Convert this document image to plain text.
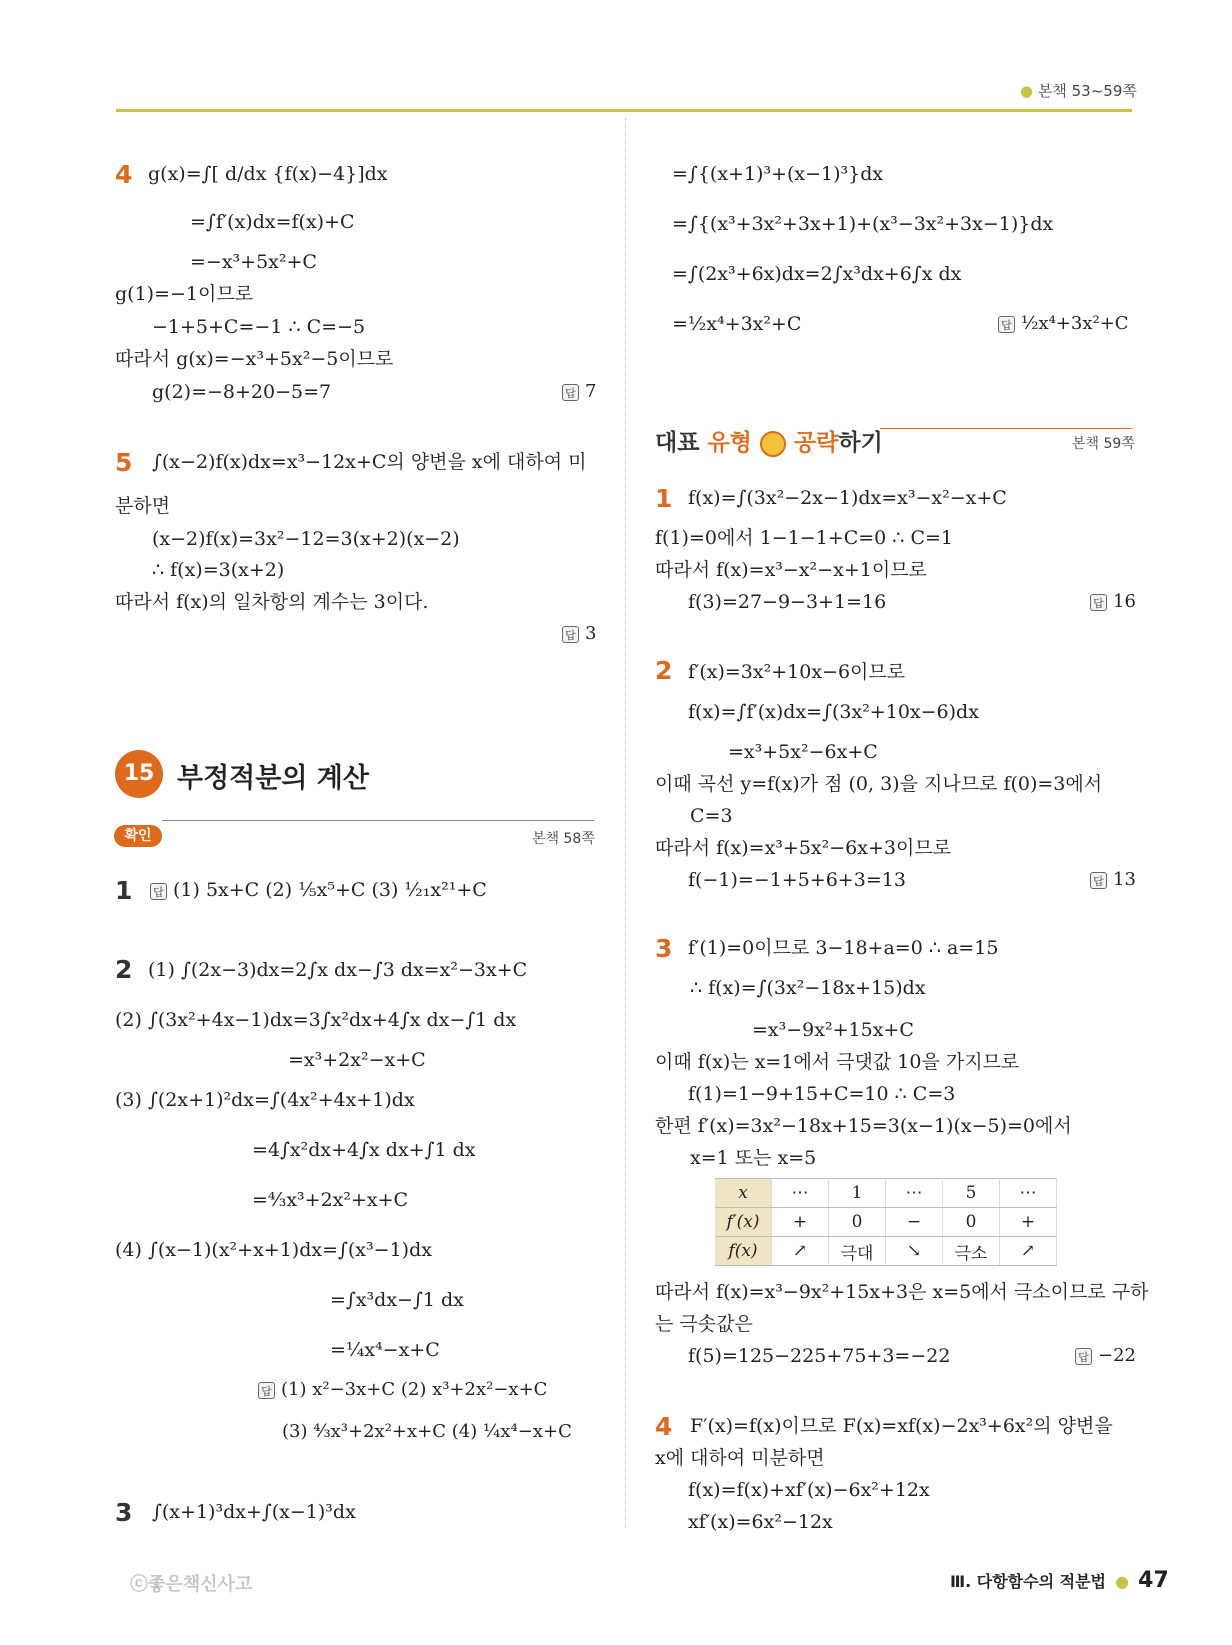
● 본책 53~59쪽
4 g(x)=∫[ d/dx {f(x)−4}]dx
=∫f′(x)dx=f(x)+C
=−x³+5x²+C
g(1)=−1이므로
−1+5+C=−1 ∴ C=−5
따라서 g(x)=−x³+5x²−5이므로
g(2)=−8+20−5=7	답 7
5 ∫(x−2)f(x)dx=x³−12x+C의 양변을 x에 대하여 미
분하면
(x−2)f(x)=3x²−12=3(x+2)(x−2)
∴ f(x)=3(x+2)
따라서 f(x)의 일차항의 계수는 3이다.
답 3
15 부정적분의 계산
확인	본책 58쪽
1 답 (1) 5x+C (2) ¹⁄₅x⁵+C (3) ¹⁄₂₁x²¹+C
2 (1) ∫(2x−3)dx=2∫x dx−∫3 dx=x²−3x+C
(2) ∫(3x²+4x−1)dx=3∫x²dx+4∫x dx−∫1 dx
=x³+2x²−x+C
(3) ∫(2x+1)²dx=∫(4x²+4x+1)dx
=4∫x²dx+4∫x dx+∫1 dx
=⁴⁄₃x³+2x²+x+C
(4) ∫(x−1)(x²+x+1)dx=∫(x³−1)dx
=∫x³dx−∫1 dx
=¹⁄₄x⁴−x+C
답 (1) x²−3x+C (2) x³+2x²−x+C
(3) ⁴⁄₃x³+2x²+x+C (4) ¹⁄₄x⁴−x+C
3 ∫(x+1)³dx+∫(x−1)³dx
ⓒ좋은책신사고
=∫{(x+1)³+(x−1)³}dx
=∫{(x³+3x²+3x+1)+(x³−3x²+3x−1)}dx
=∫(2x³+6x)dx=2∫x³dx+6∫x dx
=¹⁄₂x⁴+3x²+C	답 ¹⁄₂x⁴+3x²+C
대표 유형 공략하기	본책 59쪽
1 f(x)=∫(3x²−2x−1)dx=x³−x²−x+C
f(1)=0에서 1−1−1+C=0 ∴ C=1
따라서 f(x)=x³−x²−x+1이므로
f(3)=27−9−3+1=16	답 16
2 f′(x)=3x²+10x−6이므로
f(x)=∫f′(x)dx=∫(3x²+10x−6)dx
=x³+5x²−6x+C
이때 곡선 y=f(x)가 점 (0, 3)을 지나므로 f(0)=3에서
C=3
따라서 f(x)=x³+5x²−6x+3이므로
f(−1)=−1+5+6+3=13	답 13
3 f′(1)=0이므로 3−18+a=0 ∴ a=15
∴ f(x)=∫(3x²−18x+15)dx
=x³−9x²+15x+C
이때 f(x)는 x=1에서 극댓값 10을 가지므로
f(1)=1−9+15+C=10 ∴ C=3
한편 f′(x)=3x²−18x+15=3(x−1)(x−5)=0에서
x=1 또는 x=5
x	⋯	1	⋯	5	⋯
f′(x)	+	0	−	0	+
f(x)	↗	극대	↘	극소	↗
따라서 f(x)=x³−9x²+15x+3은 x=5에서 극소이므로 구하
는 극솟값은
f(5)=125−225+75+3=−22	답 −22
4 F′(x)=f(x)이므로 F(x)=xf(x)−2x³+6x²의 양변을
x에 대하여 미분하면
f(x)=f(x)+xf′(x)−6x²+12x
xf′(x)=6x²−12x
Ⅲ. 다항함수의 적분법 ● 47
